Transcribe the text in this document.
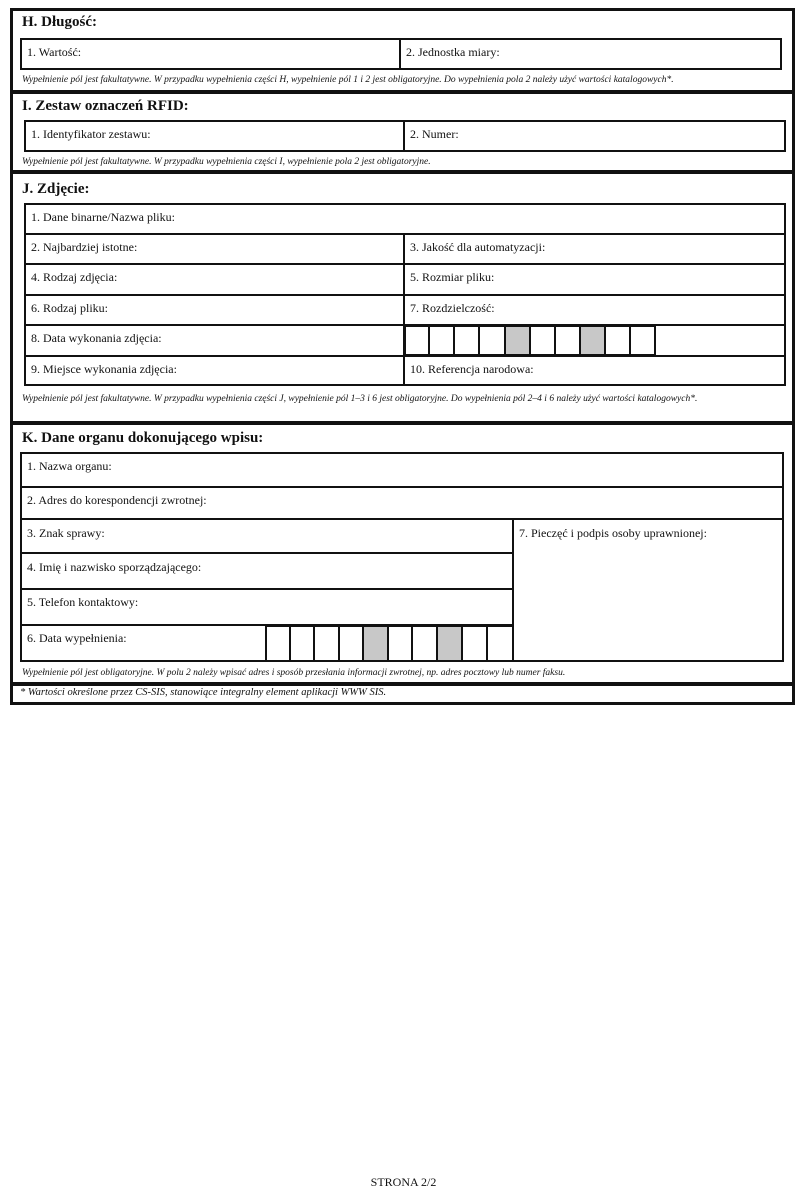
H. Długość:
1. Wartość:	2. Jednostka miary:
Wypełnienie pól jest fakultatywne. W przypadku wypełnienia części H, wypełnienie pól 1 i 2 jest obligatoryjne. Do wypełnienia pola 2 należy użyć wartości katalogowych*.
I. Zestaw oznaczeń RFID:
1. Identyfikator zestawu:	2. Numer:
Wypełnienie pól jest fakultatywne. W przypadku wypełnienia części I, wypełnienie pola 2 jest obligatoryjne.
J. Zdjęcie:
1. Dane binarne/Nazwa pliku:
2. Najbardziej istotne:	3. Jakość dla automatyzacji:
4. Rodzaj zdjęcia:	5. Rozmiar pliku:
6. Rodzaj pliku:	7. Rozdzielczość:
8. Data wykonania zdjęcia:
9. Miejsce wykonania zdjęcia:	10. Referencja narodowa:
Wypełnienie pól jest fakultatywne. W przypadku wypełnienia części J, wypełnienie pól 1–3 i 6 jest obligatoryjne. Do wypełnienia pól 2–4 i 6 należy użyć wartości katalogowych*.
K. Dane organu dokonującego wpisu:
1. Nazwa organu:
2. Adres do korespondencji zwrotnej:
3. Znak sprawy:
4. Imię i nazwisko sporządzającego:
5. Telefon kontaktowy:
6. Data wypełnienia:
7. Pieczęć i podpis osoby uprawnionej:
Wypełnienie pól jest obligatoryjne. W polu 2 należy wpisać adres i sposób przesłania informacji zwrotnej, np. adres pocztowy lub numer faksu.
* Wartości określone przez CS-SIS, stanowiące integralny element aplikacji WWW SIS.
STRONA 2/2
